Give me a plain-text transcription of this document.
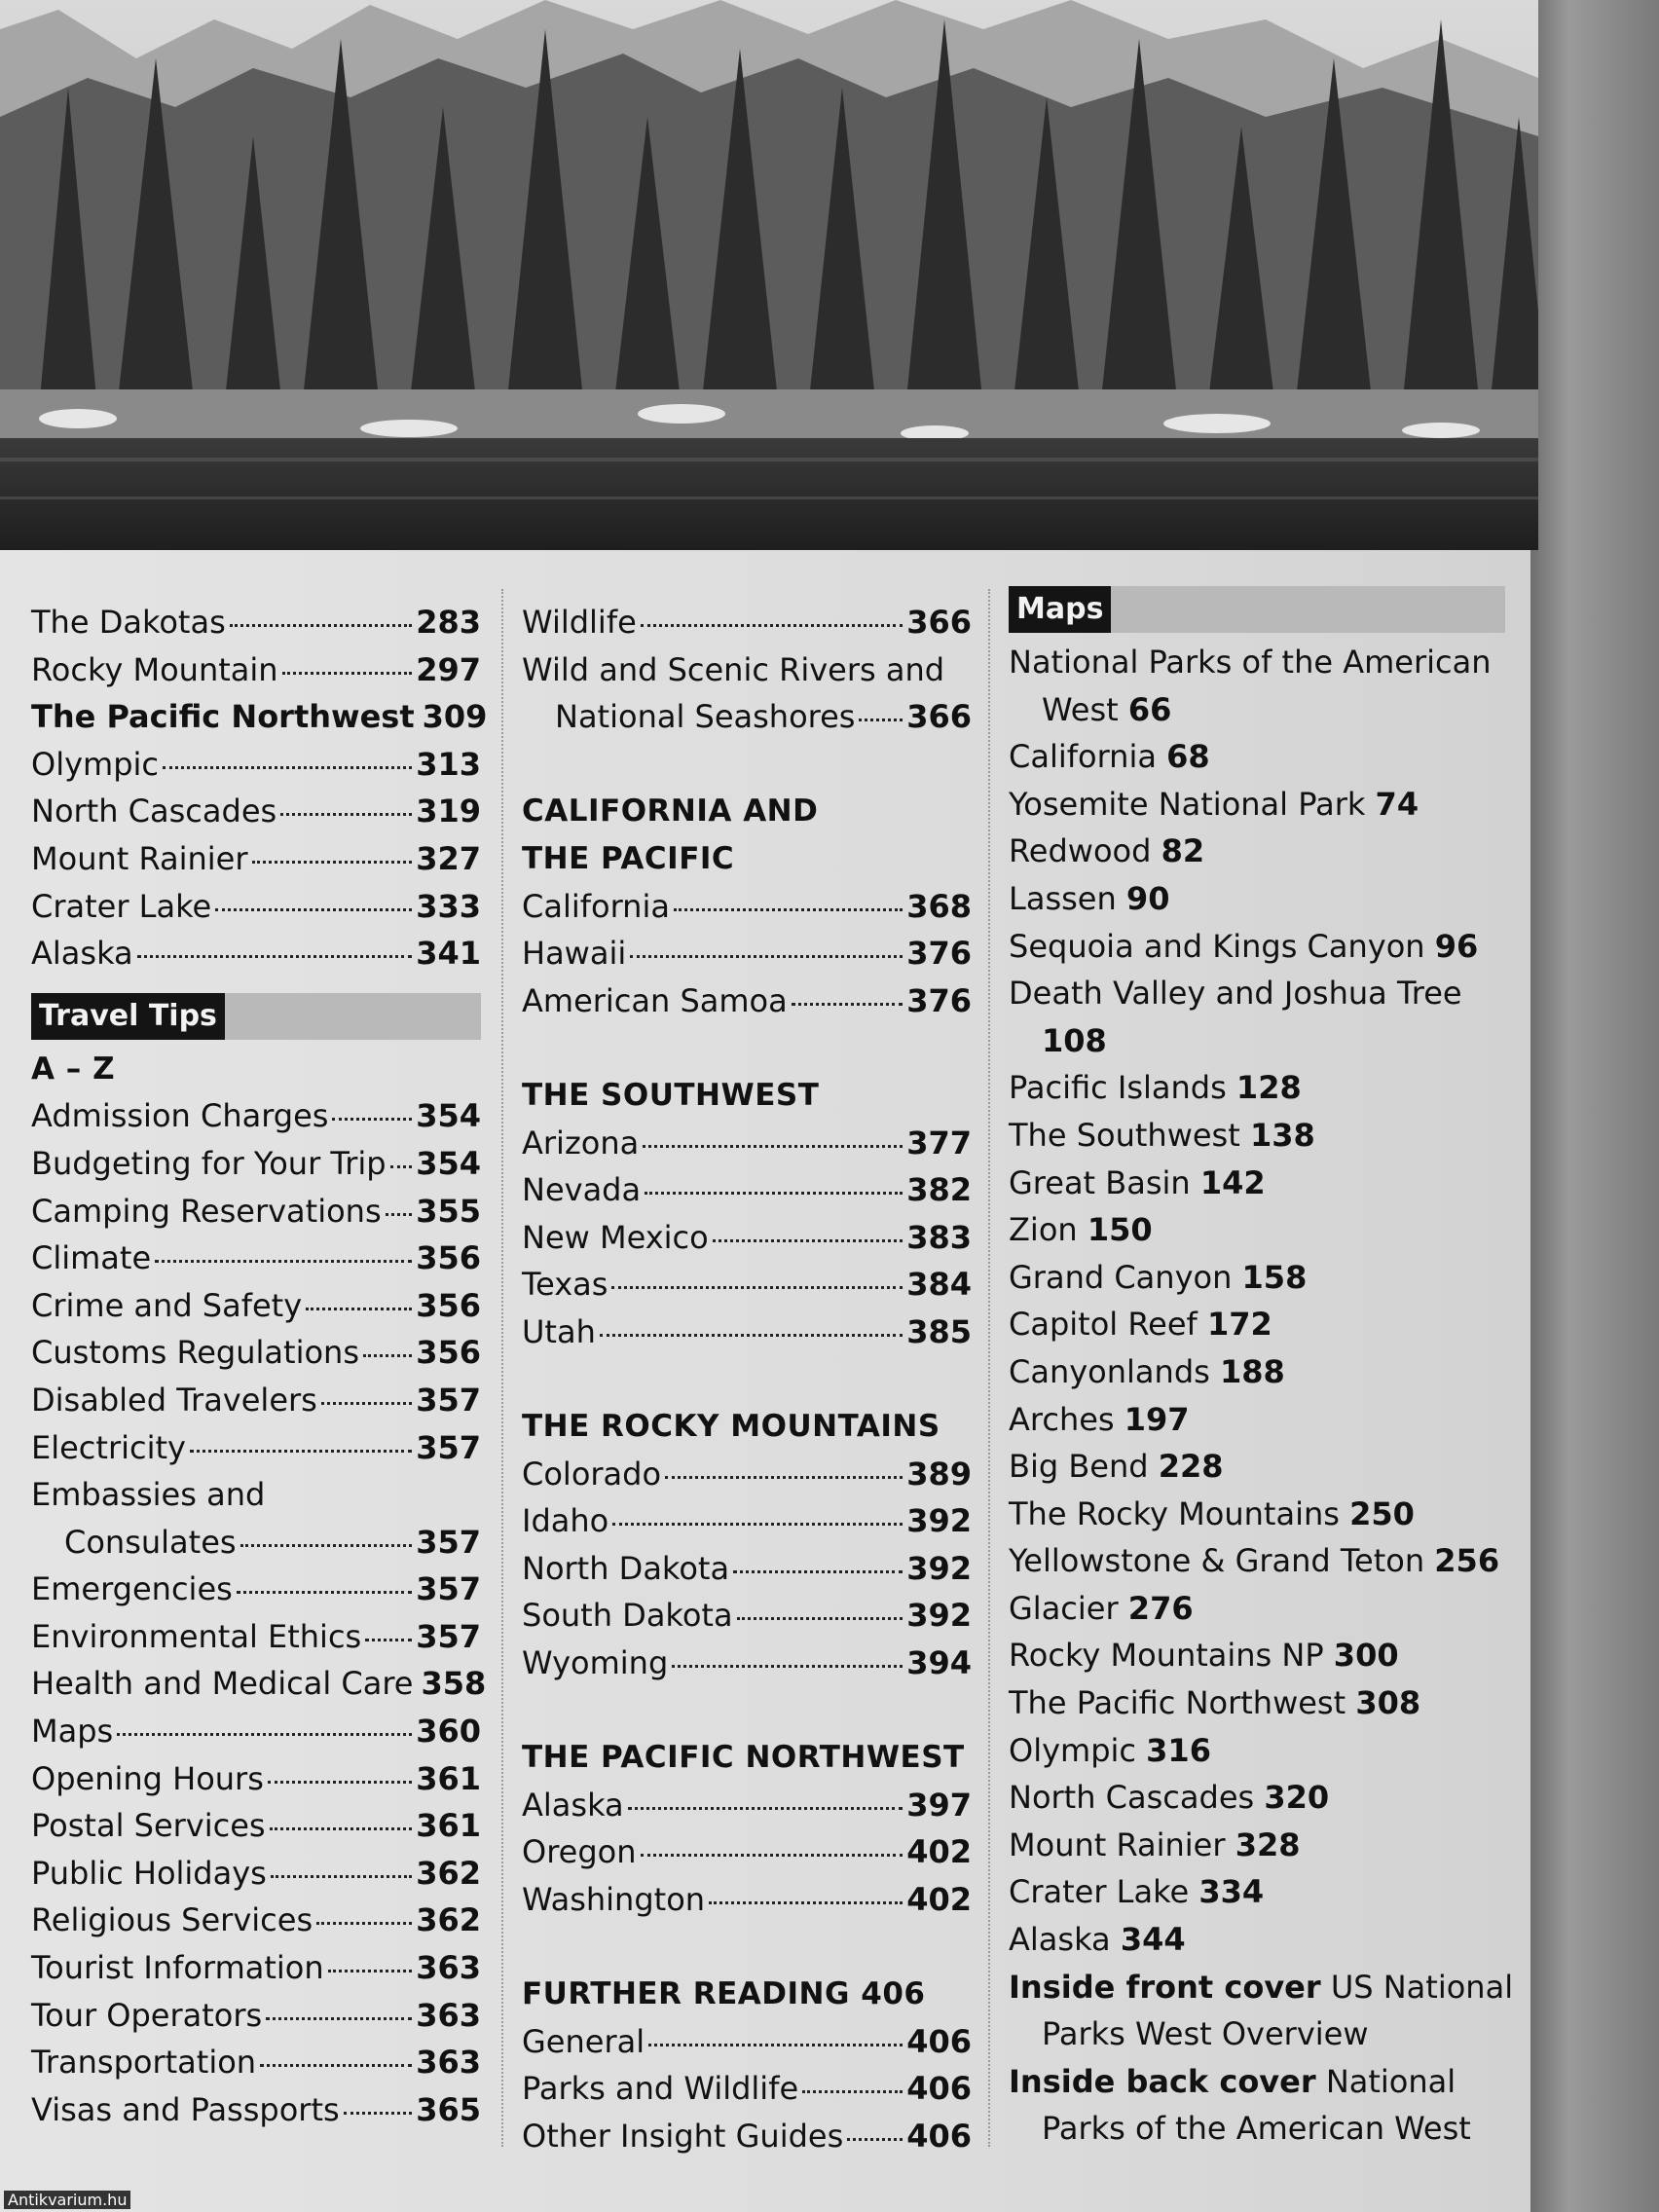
The Dakotas	283
Rocky Mountain	297
The Pacific Northwest 309
Olympic	313
North Cascades	319
Mount Rainier	327
Crater Lake	333
Alaska	341
Travel Tips
A – Z
Admission Charges	354
Budgeting for Your Trip 354
Camping Reservations 355
Climate	356
Crime and Safety	356
Customs Regulations 356
Disabled Travelers	357
Electricity	357
Embassies and
Consulates	357
Emergencies	357
Environmental Ethics 357
Health and Medical Care 358
Maps	360
Opening Hours	361
Postal Services	361
Public Holidays	362
Religious Services	362
Tourist Information	363
Tour Operators	363
Transportation	363
Visas and Passports 365
Wildlife	366
Wild and Scenic Rivers and
National Seashores 366
CALIFORNIA AND
THE PACIFIC
California	368
Hawaii	376
American Samoa	376
THE SOUTHWEST
Arizona	377
Nevada	382
New Mexico	383
Texas	384
Utah	385
THE ROCKY MOUNTAINS
Colorado	389
Idaho	392
North Dakota	392
South Dakota	392
Wyoming	394
THE PACIFIC NORTHWEST
Alaska	397
Oregon	402
Washington	402
FURTHER READING 406
General	406
Parks and Wildlife	406
Other Insight Guides 406
Maps
National Parks of the American
West 66
California 68
Yosemite National Park 74
Redwood 82
Lassen 90
Sequoia and Kings Canyon 96
Death Valley and Joshua Tree
108
Pacific Islands 128
The Southwest 138
Great Basin 142
Zion 150
Grand Canyon 158
Capitol Reef 172
Canyonlands 188
Arches 197
Big Bend 228
The Rocky Mountains 250
Yellowstone & Grand Teton 256
Glacier 276
Rocky Mountains NP 300
The Pacific Northwest 308
Olympic 316
North Cascades 320
Mount Rainier 328
Crater Lake 334
Alaska 344
Inside front cover US National
Parks West Overview
Inside back cover National
Parks of the American West
Antikvarium.hu
